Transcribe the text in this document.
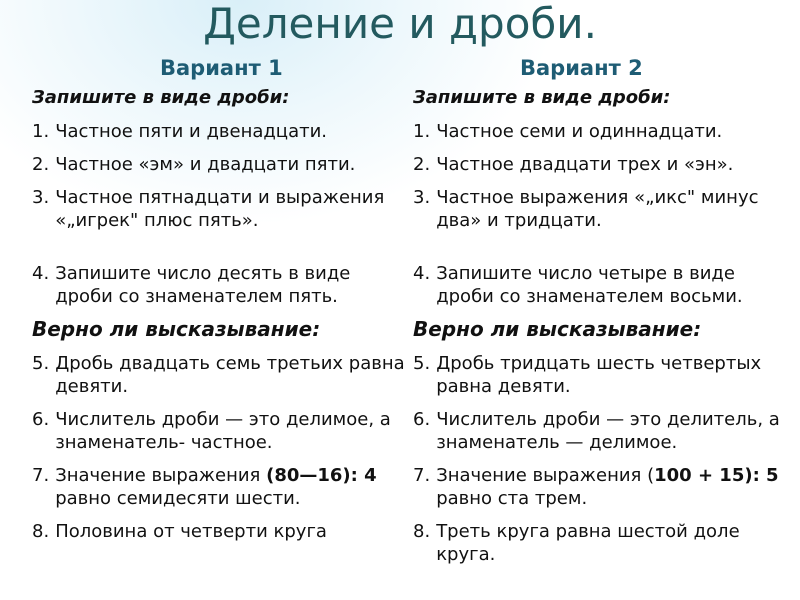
Деление и дроби.
Вариант 1	Вариант 2
Запишите в виде дроби:
1. Частное пяти и двенадцати.
2. Частное «эм» и двадцати пяти.
3. Частное пятнадцати и выражения «„игрек" плюс пять».
4. Запишите число десять в виде дроби со знаменателем пять.
Верно ли высказывание:
5. Дробь двадцать семь третьих равна девяти.
6. Числитель дроби — это делимое, а знаменатель- частное.
7. Значение выражения (80—16): 4 равно семидесяти шести.
8. Половина от четверти круга
Запишите в виде дроби:
1. Частное семи и одиннадцати.
2. Частное двадцати трех и «эн».
3. Частное выражения «„икс" минус два» и тридцати.
4. Запишите число четыре в виде дроби со знаменателем восьми.
Верно ли высказывание:
5. Дробь тридцать шесть четвертых равна девяти.
6. Числитель дроби — это делитель, а знаменатель — делимое.
7. Значение выражения (100 + 15): 5 равно ста трем.
8. Треть круга равна шестой доле круга.
